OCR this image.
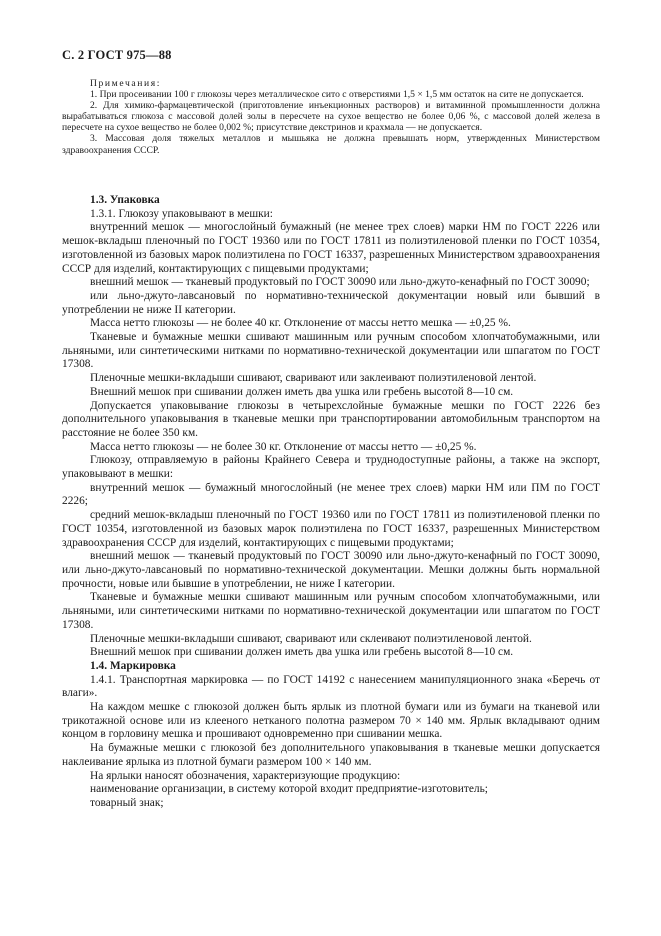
С. 2 ГОСТ 975—88

Примечания:

1. При просеивании 100 г глюкозы через металлическое сито с отверстиями 1,5 × 1,5 мм остаток на сите не допускается.

2. Для химико-фармацевтической (приготовление инъекционных растворов) и витаминной промышленности должна вырабатываться глюкоза с массовой долей золы в пересчете на сухое вещество не более 0,06 %, с массовой долей железа в пересчете на сухое вещество не более 0,002 %; присутствие декстринов и крахмала — не допускается.

3. Массовая доля тяжелых металлов и мышьяка не должна превышать норм, утвержденных Министерством здравоохранения СССР.

1.3. Упаковка

1.3.1. Глюкозу упаковывают в мешки:

внутренний мешок — многослойный бумажный (не менее трех слоев) марки НМ по ГОСТ 2226 или мешок-вкладыш пленочный по ГОСТ 19360 или по ГОСТ 17811 из полиэтиленовой пленки по ГОСТ 10354, изготовленной из базовых марок полиэтилена по ГОСТ 16337, разрешенных Министерством здравоохранения СССР для изделий, контактирующих с пищевыми продуктами;

внешний мешок — тканевый продуктовый по ГОСТ 30090 или льно-джуто-кенафный по ГОСТ 30090;

или льно-джуто-лавсановый по нормативно-технической документации новый или бывший в употреблении не ниже II категории.

Масса нетто глюкозы — не более 40 кг. Отклонение от массы нетто мешка — ±0,25 %.

Тканевые и бумажные мешки сшивают машинным или ручным способом хлопчатобумажными, или льняными, или синтетическими нитками по нормативно-технической документации или шпагатом по ГОСТ 17308.

Пленочные мешки-вкладыши сшивают, сваривают или заклеивают полиэтиленовой лентой.

Внешний мешок при сшивании должен иметь два ушка или гребень высотой 8—10 см.

Допускается упаковывание глюкозы в четырехслойные бумажные мешки по ГОСТ 2226 без дополнительного упаковывания в тканевые мешки при транспортировании автомобильным транспортом на расстояние не более 350 км.

Масса нетто глюкозы — не более 30 кг. Отклонение от массы нетто — ±0,25 %.

Глюкозу, отправляемую в районы Крайнего Севера и труднодоступные районы, а также на экспорт, упаковывают в мешки:

внутренний мешок — бумажный многослойный (не менее трех слоев) марки НМ или ПМ по ГОСТ 2226;

средний мешок-вкладыш пленочный по ГОСТ 19360 или по ГОСТ 17811 из полиэтиленовой пленки по ГОСТ 10354, изготовленной из базовых марок полиэтилена по ГОСТ 16337, разрешенных Министерством здравоохранения СССР для изделий, контактирующих с пищевыми продуктами;

внешний мешок — тканевый продуктовый по ГОСТ 30090 или льно-джуто-кенафный по ГОСТ 30090, или льно-джуто-лавсановый по нормативно-технической документации. Мешки должны быть нормальной прочности, новые или бывшие в употреблении, не ниже I категории.

Тканевые и бумажные мешки сшивают машинным или ручным способом хлопчатобумажными, или льняными, или синтетическими нитками по нормативно-технической документации или шпагатом по ГОСТ 17308.

Пленочные мешки-вкладыши сшивают, сваривают или склеивают полиэтиленовой лентой.

Внешний мешок при сшивании должен иметь два ушка или гребень высотой 8—10 см.

1.4. Маркировка

1.4.1. Транспортная маркировка — по ГОСТ 14192 с нанесением манипуляционного знака «Беречь от влаги».

На каждом мешке с глюкозой должен быть ярлык из плотной бумаги или из бумаги на тканевой или трикотажной основе или из клееного нетканого полотна размером 70 × 140 мм. Ярлык вкладывают одним концом в горловину мешка и прошивают одновременно при сшивании мешка.

На бумажные мешки с глюкозой без дополнительного упаковывания в тканевые мешки допускается наклеивание ярлыка из плотной бумаги размером 100 × 140 мм.

На ярлыки наносят обозначения, характеризующие продукцию:

наименование организации, в систему которой входит предприятие-изготовитель;

товарный знак;
